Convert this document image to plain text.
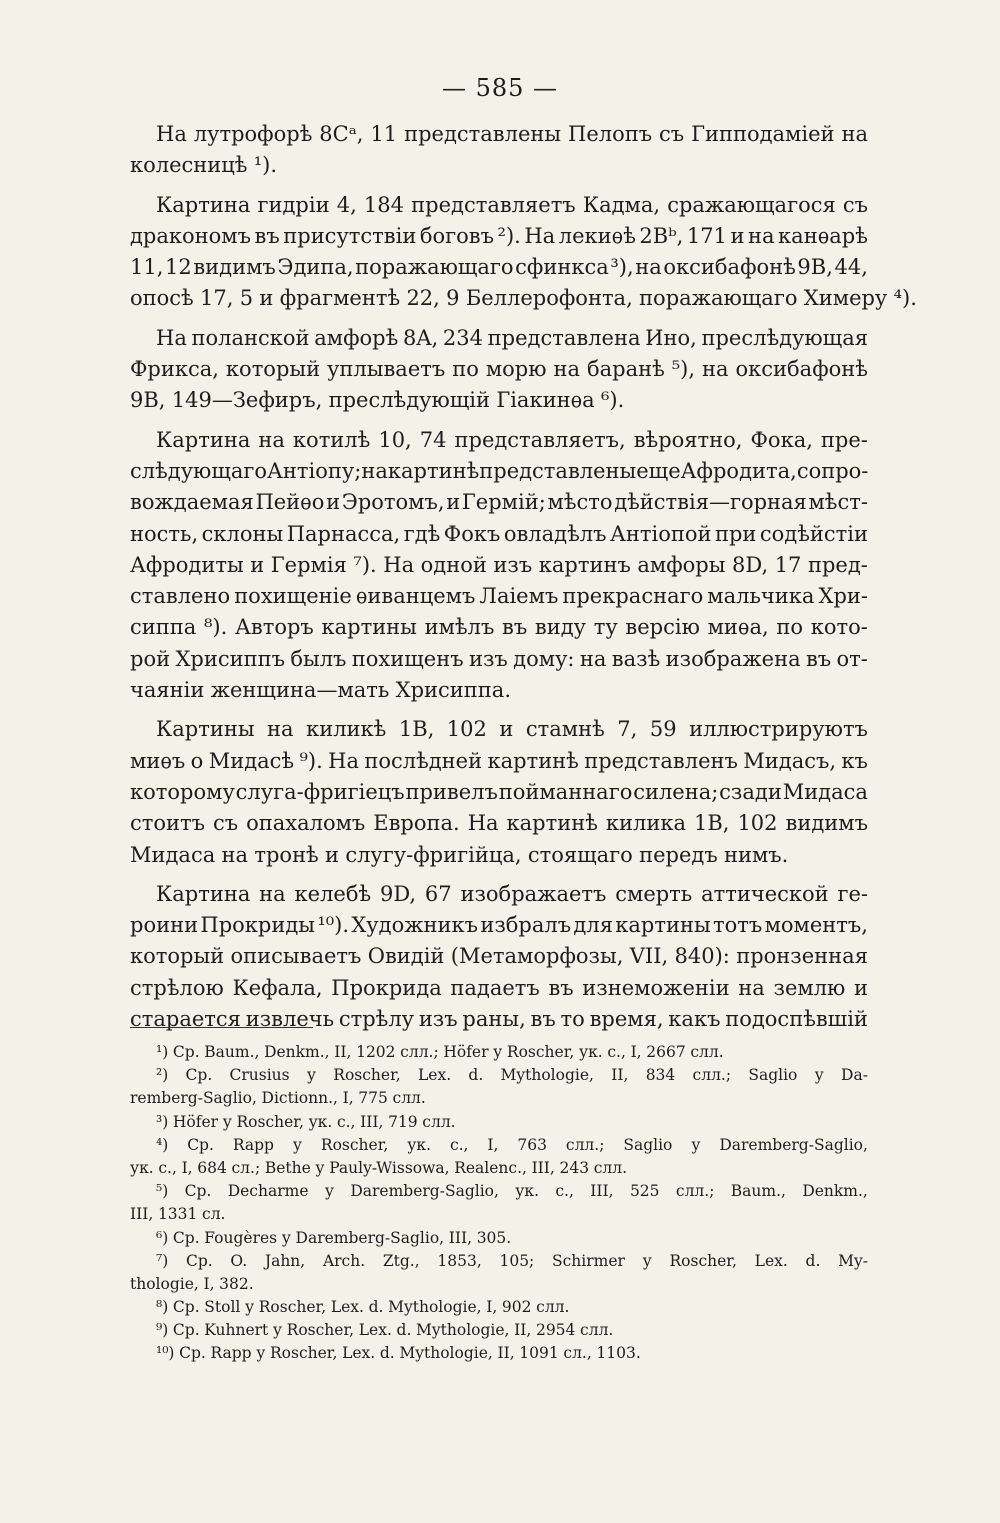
— 585 —
На лутрофорѣ 8Cᵃ, 11 представлены Пелопъ съ Гипподаміей на
колесницѣ ¹).
Картина гидріи 4, 184 представляетъ Кадма, сражающагося съ
дракономъ въ присутствіи боговъ ²). На лекиѳѣ 2Bᵇ, 171 и на канѳарѣ
11, 12 видимъ Эдипа, поражающаго сфинкса ³), на оксибафонѣ 9B, 44,
опосѣ 17, 5 и фрагментѣ 22, 9 Беллерофонта, поражающаго Химеру ⁴).
На поланской амфорѣ 8A, 234 представлена Ино, преслѣдующая
Фрикса, который уплываетъ по морю на баранѣ ⁵), на оксибафонѣ
9B, 149—Зефиръ, преслѣдующій Гіакинѳа ⁶).
Картина на котилѣ 10, 74 представляетъ, вѣроятно, Фока, пре-
слѣдующаго Антіопу; на картинѣ представлены еще Афродита, сопро-
вождаемая Пейѳо и Эротомъ, и Гермій; мѣсто дѣйствія—горная мѣст-
ность, склоны Парнасса, гдѣ Фокъ овладѣлъ Антіопой при содѣйстіи
Афродиты и Гермія ⁷). На одной изъ картинъ амфоры 8D, 17 пред-
ставлено похищеніе ѳиванцемъ Лаіемъ прекраснаго мальчика Хри-
сиппа ⁸). Авторъ картины имѣлъ въ виду ту версію миѳа, по кото-
рой Хрисиппъ былъ похищенъ изъ дому: на вазѣ изображена въ от-
чаяніи женщина—мать Хрисиппа.
Картины на киликѣ 1B, 102 и стамнѣ 7, 59 иллюстрируютъ
миѳъ о Мидасѣ ⁹). На послѣдней картинѣ представленъ Мидасъ, къ
которому слуга-фригіецъ привелъ пойманнаго силена; сзади Мидаса
стоитъ съ опахаломъ Европа. На картинѣ килика 1B, 102 видимъ
Мидаса на тронѣ и слугу-фригійца, стоящаго передъ нимъ.
Картина на келебѣ 9D, 67 изображаетъ смерть аттической ге-
роини Прокриды ¹⁰). Художникъ избралъ для картины тотъ моментъ,
который описываетъ Овидій (Метаморфозы, VII, 840): пронзенная
стрѣлою Кефала, Прокрида падаетъ въ изнеможеніи на землю и
старается извлечь стрѣлу изъ раны, въ то время, какъ подоспѣвшій
¹) Ср. Baum., Denkm., II, 1202 слл.; Höfer у Roscher, ук. с., I, 2667 слл.
²) Ср. Crusius у Roscher, Lex. d. Mythologie, II, 834 слл.; Saglio у Da-
remberg-Saglio, Dictionn., I, 775 слл.
³) Höfer у Roscher, ук. с., III, 719 слл.
⁴) Ср. Rapp у Roscher, ук. с., I, 763 слл.; Saglio у Daremberg-Saglio,
ук. с., I, 684 сл.; Bethe у Pauly-Wissowa, Realenc., III, 243 слл.
⁵) Ср. Decharme у Daremberg-Saglio, ук. с., III, 525 слл.; Baum., Denkm.,
III, 1331 сл.
⁶) Ср. Fougères у Daremberg-Saglio, III, 305.
⁷) Ср. O. Jahn, Arch. Ztg., 1853, 105; Schirmer у Roscher, Lex. d. My-
thologie, I, 382.
⁸) Ср. Stoll у Roscher, Lex. d. Mythologie, I, 902 слл.
⁹) Ср. Kuhnert у Roscher, Lex. d. Mythologie, II, 2954 слл.
¹⁰) Ср. Rapp у Roscher, Lex. d. Mythologie, II, 1091 сл., 1103.
